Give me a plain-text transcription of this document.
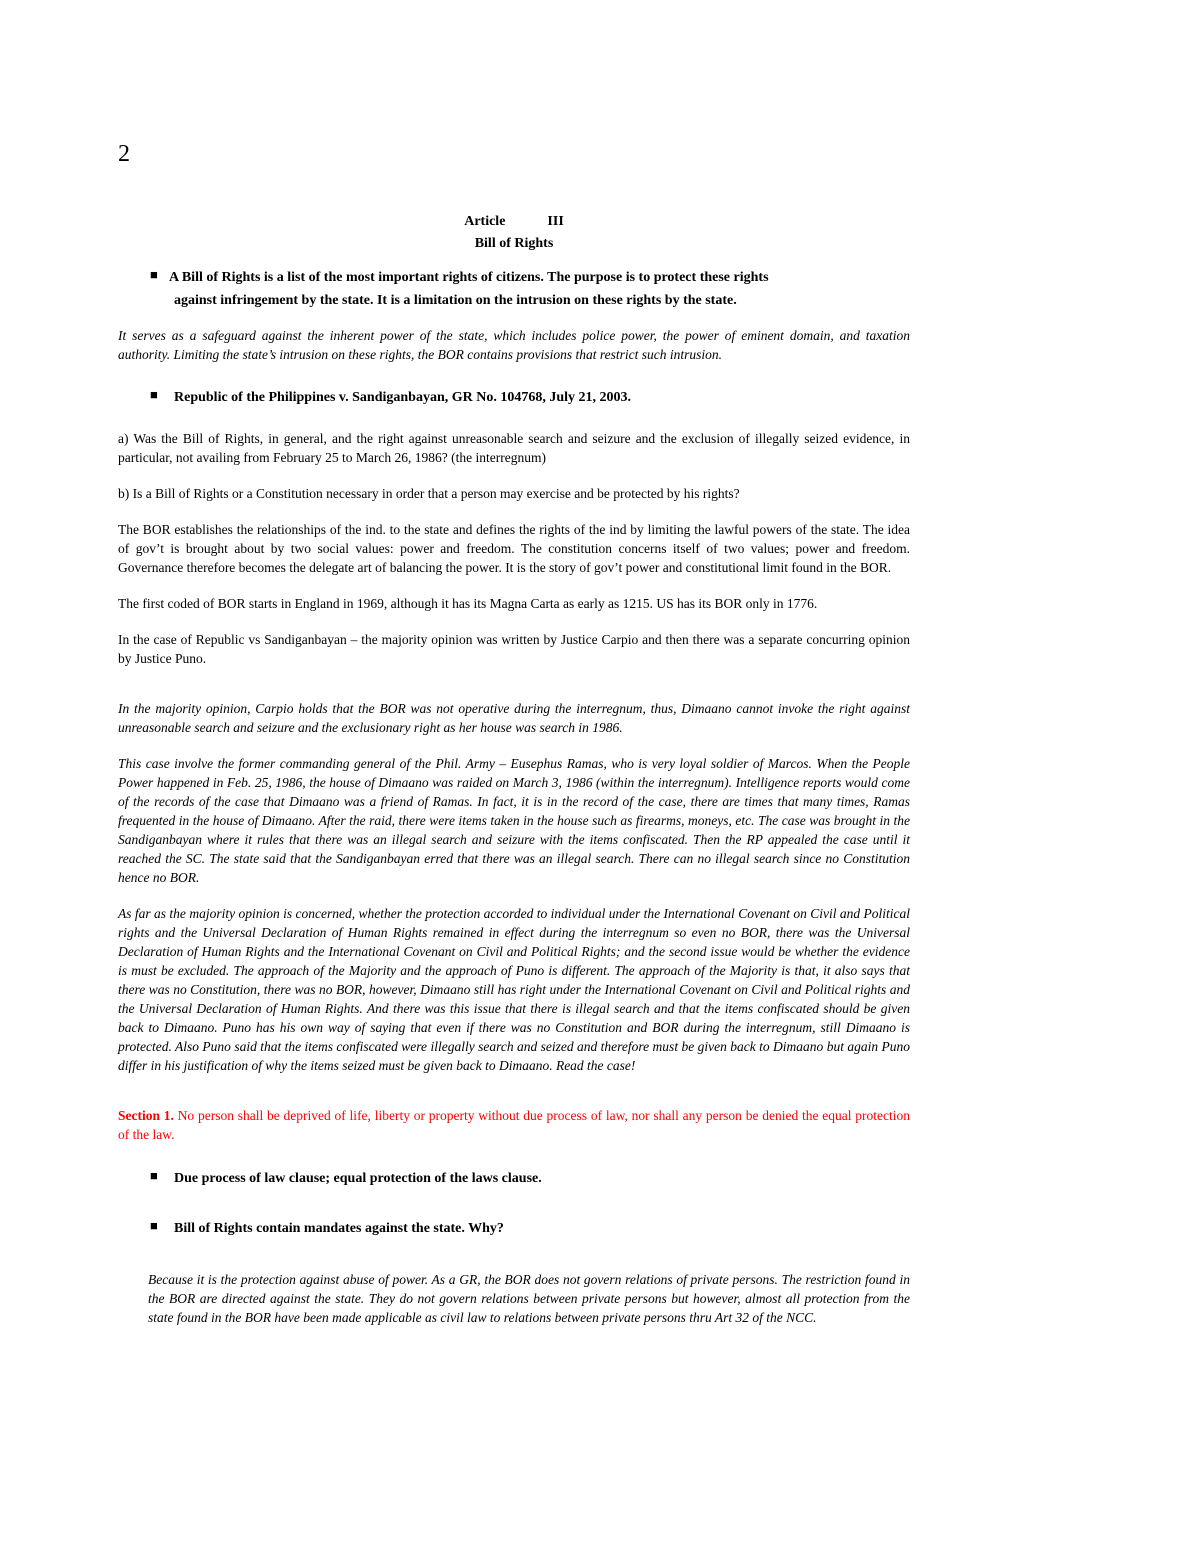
2
Article	III
Bill of Rights
■ A Bill of Rights is a list of the most important rights of citizens. The purpose is to protect these rights
against infringement by the state. It is a limitation on the intrusion on these rights by the state.

It serves as a safeguard against the inherent power of the state, which includes police power, the power of eminent domain, and taxation authority. Limiting the state’s intrusion on these rights, the BOR contains provisions that restrict such intrusion.

■ Republic of the Philippines v. Sandiganbayan, GR No. 104768, July 21, 2003.

a) Was the Bill of Rights, in general, and the right against unreasonable search and seizure and the exclusion of illegally seized evidence, in particular, not availing from February 25 to March 26, 1986? (the interregnum)

b) Is a Bill of Rights or a Constitution necessary in order that a person may exercise and be protected by his rights?

The BOR establishes the relationships of the ind. to the state and defines the rights of the ind by limiting the lawful powers of the state. The idea of gov’t is brought about by two social values: power and freedom. The constitution concerns itself of two values; power and freedom. Governance therefore becomes the delegate art of balancing the power. It is the story of gov’t power and constitutional limit found in the BOR.

The first coded of BOR starts in England in 1969, although it has its Magna Carta as early as 1215. US has its BOR only in 1776.

In the case of Republic vs Sandiganbayan – the majority opinion was written by Justice Carpio and then there was a separate concurring opinion by Justice Puno.

In the majority opinion, Carpio holds that the BOR was not operative during the interregnum, thus, Dimaano cannot invoke the right against unreasonable search and seizure and the exclusionary right as her house was search in 1986.

This case involve the former commanding general of the Phil. Army – Eusephus Ramas, who is very loyal soldier of Marcos. When the People Power happened in Feb. 25, 1986, the house of Dimaano was raided on March 3, 1986 (within the interregnum). Intelligence reports would come of the records of the case that Dimaano was a friend of Ramas. In fact, it is in the record of the case, there are times that many times, Ramas frequented in the house of Dimaano. After the raid, there were items taken in the house such as firearms, moneys, etc. The case was brought in the Sandiganbayan where it rules that there was an illegal search and seizure with the items confiscated. Then the RP appealed the case until it reached the SC. The state said that the Sandiganbayan erred that there was an illegal search. There can no illegal search since no Constitution hence no BOR.

As far as the majority opinion is concerned, whether the protection accorded to individual under the International Covenant on Civil and Political rights and the Universal Declaration of Human Rights remained in effect during the interregnum so even no BOR, there was the Universal Declaration of Human Rights and the International Covenant on Civil and Political Rights; and the second issue would be whether the evidence is must be excluded. The approach of the Majority and the approach of Puno is different. The approach of the Majority is that, it also says that there was no Constitution, there was no BOR, however, Dimaano still has right under the International Covenant on Civil and Political rights and the Universal Declaration of Human Rights. And there was this issue that there is illegal search and that the items confiscated should be given back to Dimaano. Puno has his own way of saying that even if there was no Constitution and BOR during the interregnum, still Dimaano is protected. Also Puno said that the items confiscated were illegally search and seized and therefore must be given back to Dimaano but again Puno differ in his justification of why the items seized must be given back to Dimaano. Read the case!

Section 1. No person shall be deprived of life, liberty or property without due process of law, nor shall any person be denied the equal protection of the law.

■ Due process of law clause; equal protection of the laws clause.
■ Bill of Rights contain mandates against the state. Why?

Because it is the protection against abuse of power. As a GR, the BOR does not govern relations of private persons. The restriction found in the BOR are directed against the state. They do not govern relations between private persons but however, almost all protection from the state found in the BOR have been made applicable as civil law to relations between private persons thru Art 32 of the NCC.
